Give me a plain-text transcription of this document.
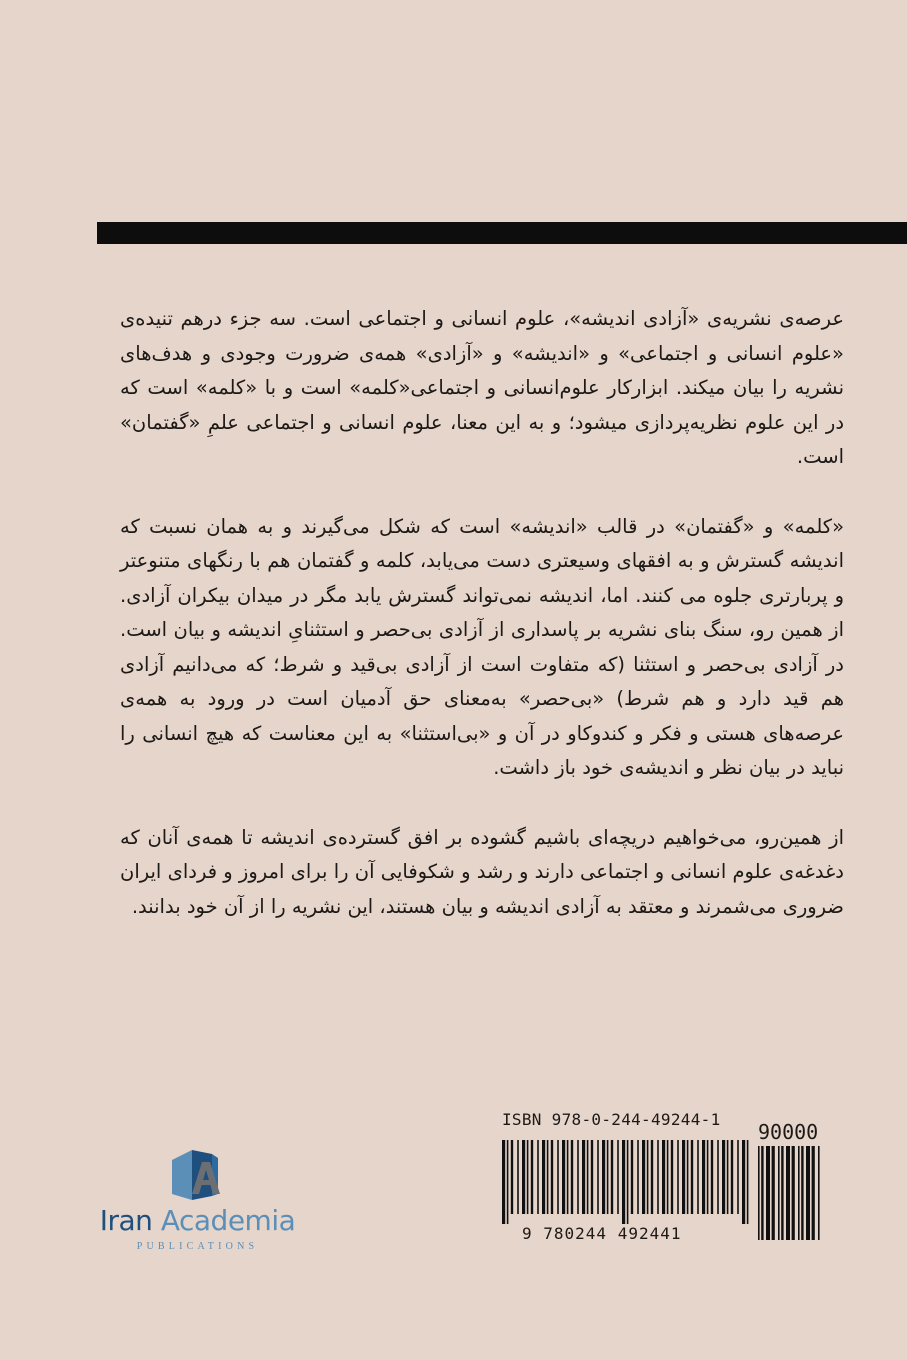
عرصه‌ی نشریه‌ی «آزادی اندیشه»، علوم انسانی و اجتماعی است. سه جزء درهم تنیده‌ی «علوم انسانی و اجتماعی» و «اندیشه» و «آزادی» همه‌ی ضرورت وجودی و هدف‌های نشریه را بیان میکند. ابزارکار علوم‌انسانی و اجتماعی«کلمه» است و با «کلمه» است که در این علوم نظریه‌پردازی میشود؛ و به این معنا، علوم انسانی و اجتماعی علمِ «گفتمان» است.

«کلمه» و «گفتمان» در قالب «اندیشه» است که شکل می‌گیرند و به همان نسبت که اندیشه گسترش و به افقهای وسیعتری دست می‌یابد، کلمه و گفتمان هم با رنگهای متنوعتر و پربارتری جلوه می کنند. اما، اندیشه نمی‌تواند گسترش یابد مگر در میدان بیکران آزادی. از همین رو، سنگ بنای نشریه بر پاسداری از آزادی بی‌حصر و استثنایِ اندیشه و بیان است. در آزادی بی‌حصر و استثنا (که متفاوت است از آزادی بی‌قید و شرط؛ که می‌دانیم آزادی هم قید دارد و هم شرط) «بی‌حصر» به‌معنای حق آدمیان است در ورود به همه‌ی عرصه‌های هستی و فکر و کندوکاو در آن و «بی‌استثنا» به این معناست که هیچ انسانی را نباید در بیان نظر و اندیشه‌ی خود باز داشت.

از همین‌رو، می‌خواهیم دریچه‌ای باشیم گشوده بر افق گسترده‌ی اندیشه تا همه‌ی آنان که دغدغه‌ی علوم انسانی و اجتماعی دارند و رشد و شکوفایی آن را برای امروز و فردای ایران ضروری می‌شمرند و معتقد به آزادی اندیشه و بیان هستند، این نشریه را از آن خود بدانند.

Iran Academia
PUBLICATIONS
ISBN 978-0-244-49244-1
9 780244 492441
90000
